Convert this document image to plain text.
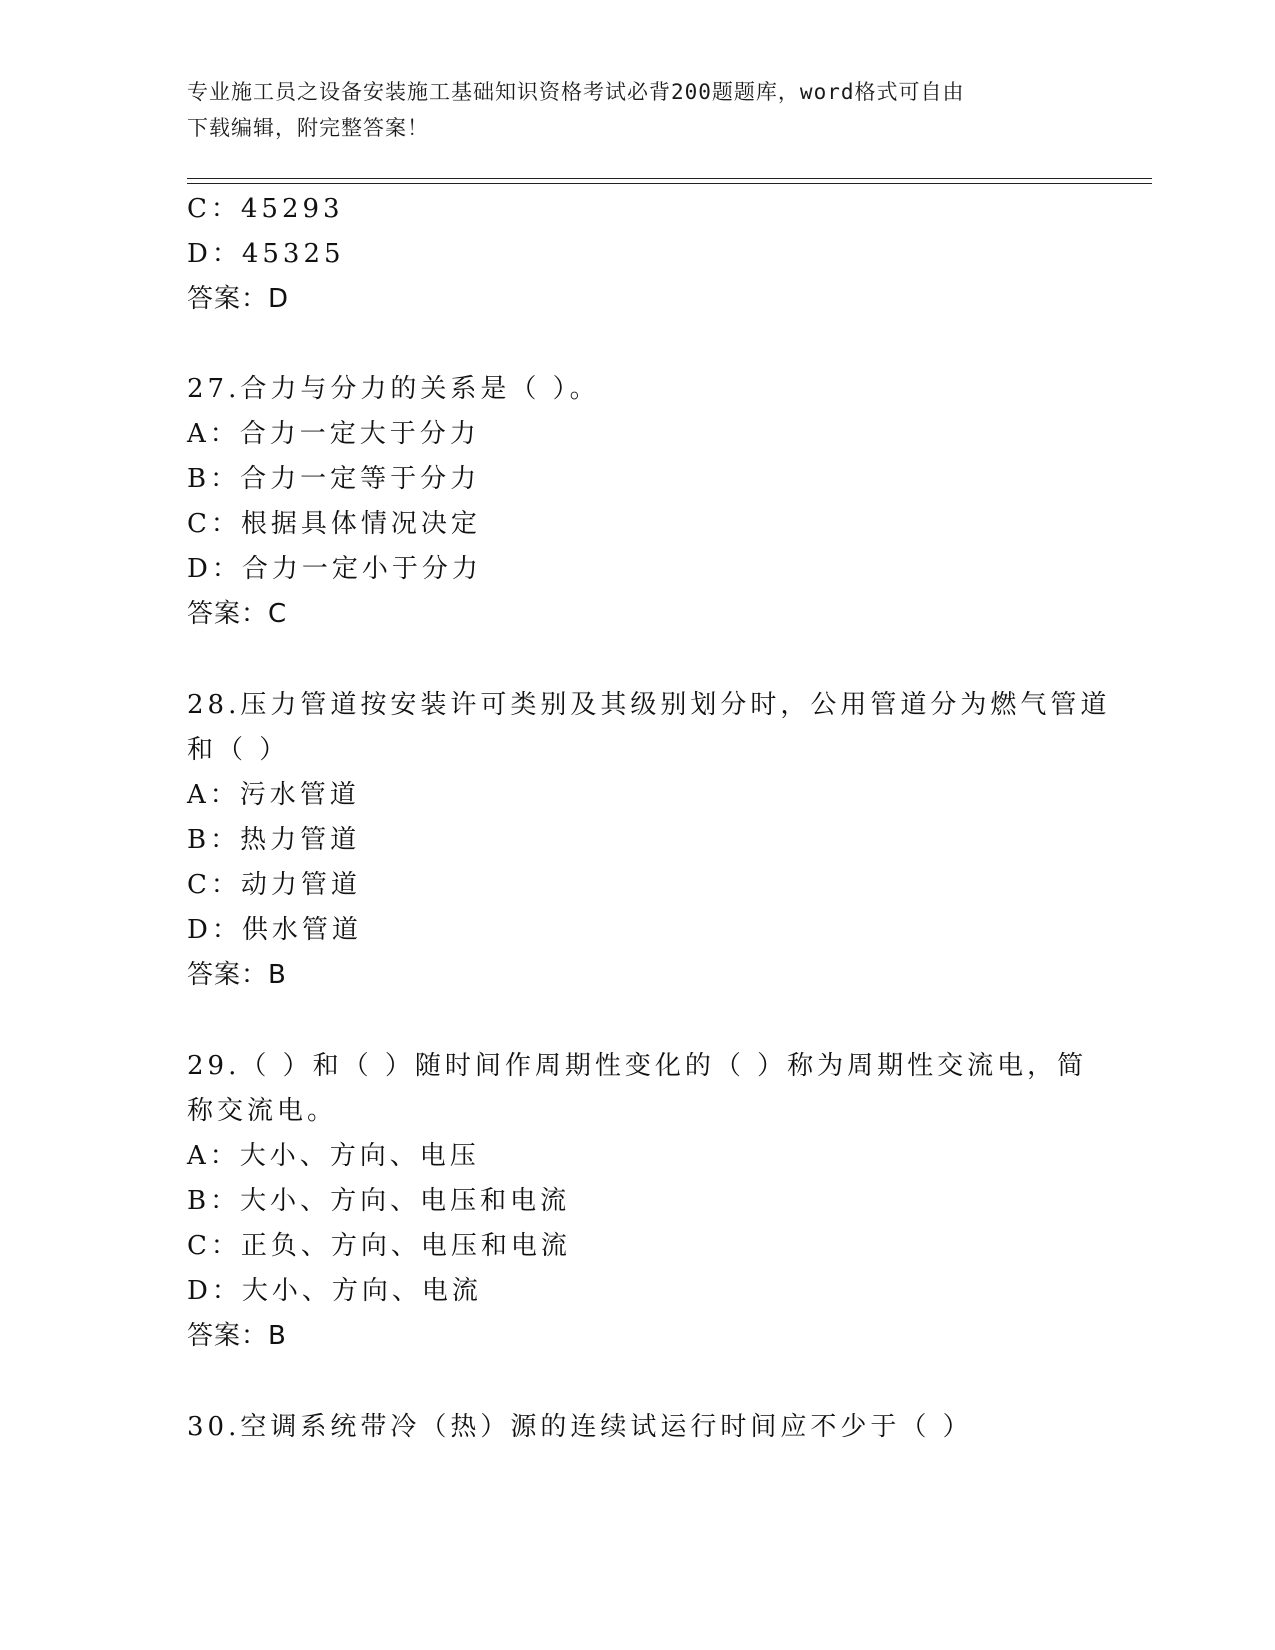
专业施工员之设备安装施工基础知识资格考试必背200题题库，word格式可自由
下载编辑，附完整答案！
C：45293
D：45325
答案：D
27.合力与分力的关系是（ ）。
A：合力一定大于分力
B：合力一定等于分力
C：根据具体情况决定
D：合力一定小于分力
答案：C
28.压力管道按安装许可类别及其级别划分时，公用管道分为燃气管道
和（ ）
A：污水管道
B：热力管道
C：动力管道
D：供水管道
答案：B
29.（ ）和（ ）随时间作周期性变化的（ ）称为周期性交流电，简
称交流电。
A：大小、方向、电压
B：大小、方向、电压和电流
C：正负、方向、电压和电流
D：大小、方向、电流
答案：B
30.空调系统带冷（热）源的连续试运行时间应不少于（ ）
